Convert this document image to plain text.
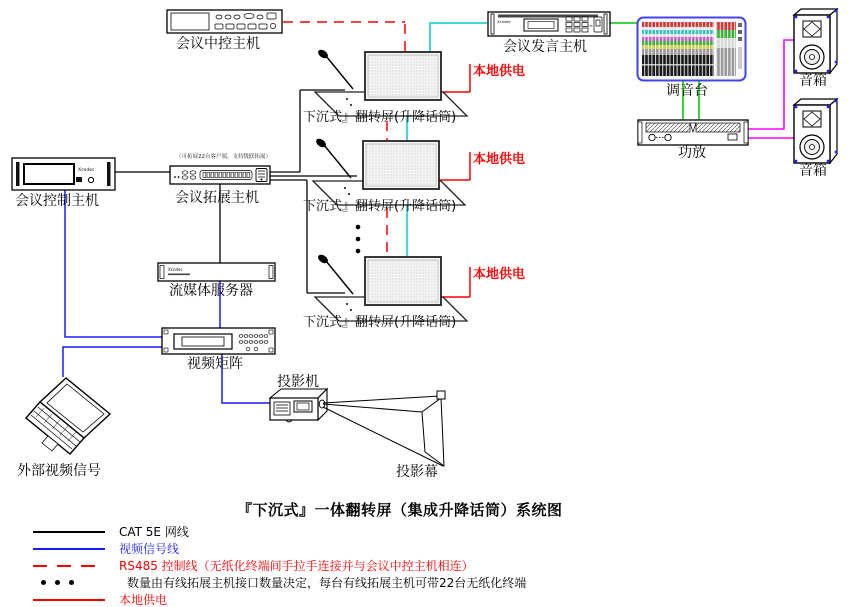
Xcndec
:≡
Xcndec
Xcndec
会议中控主机	会议发言主机
调音台
功放
音箱
音箱
会议控制主机	会议拓展主机
（可拓展22台客户端，支持级联拓展）
流媒体服务器
视频矩阵
投影机
投影幕
外部视频信号
下沉式』翻转屏(升降话筒)
下沉式』翻转屏(升降话筒)
下沉式』翻转屏(升降话筒)
本地供电
本地供电
本地供电
『下沉式』一体翻转屏（集成升降话筒）系统图
CAT 5E 网线
视频信号线
RS485 控制线（无纸化终端间手拉手连接并与会议中控主机相连）
数量由有线拓展主机接口数量决定，每台有线拓展主机可带22台无纸化终端
本地供电
